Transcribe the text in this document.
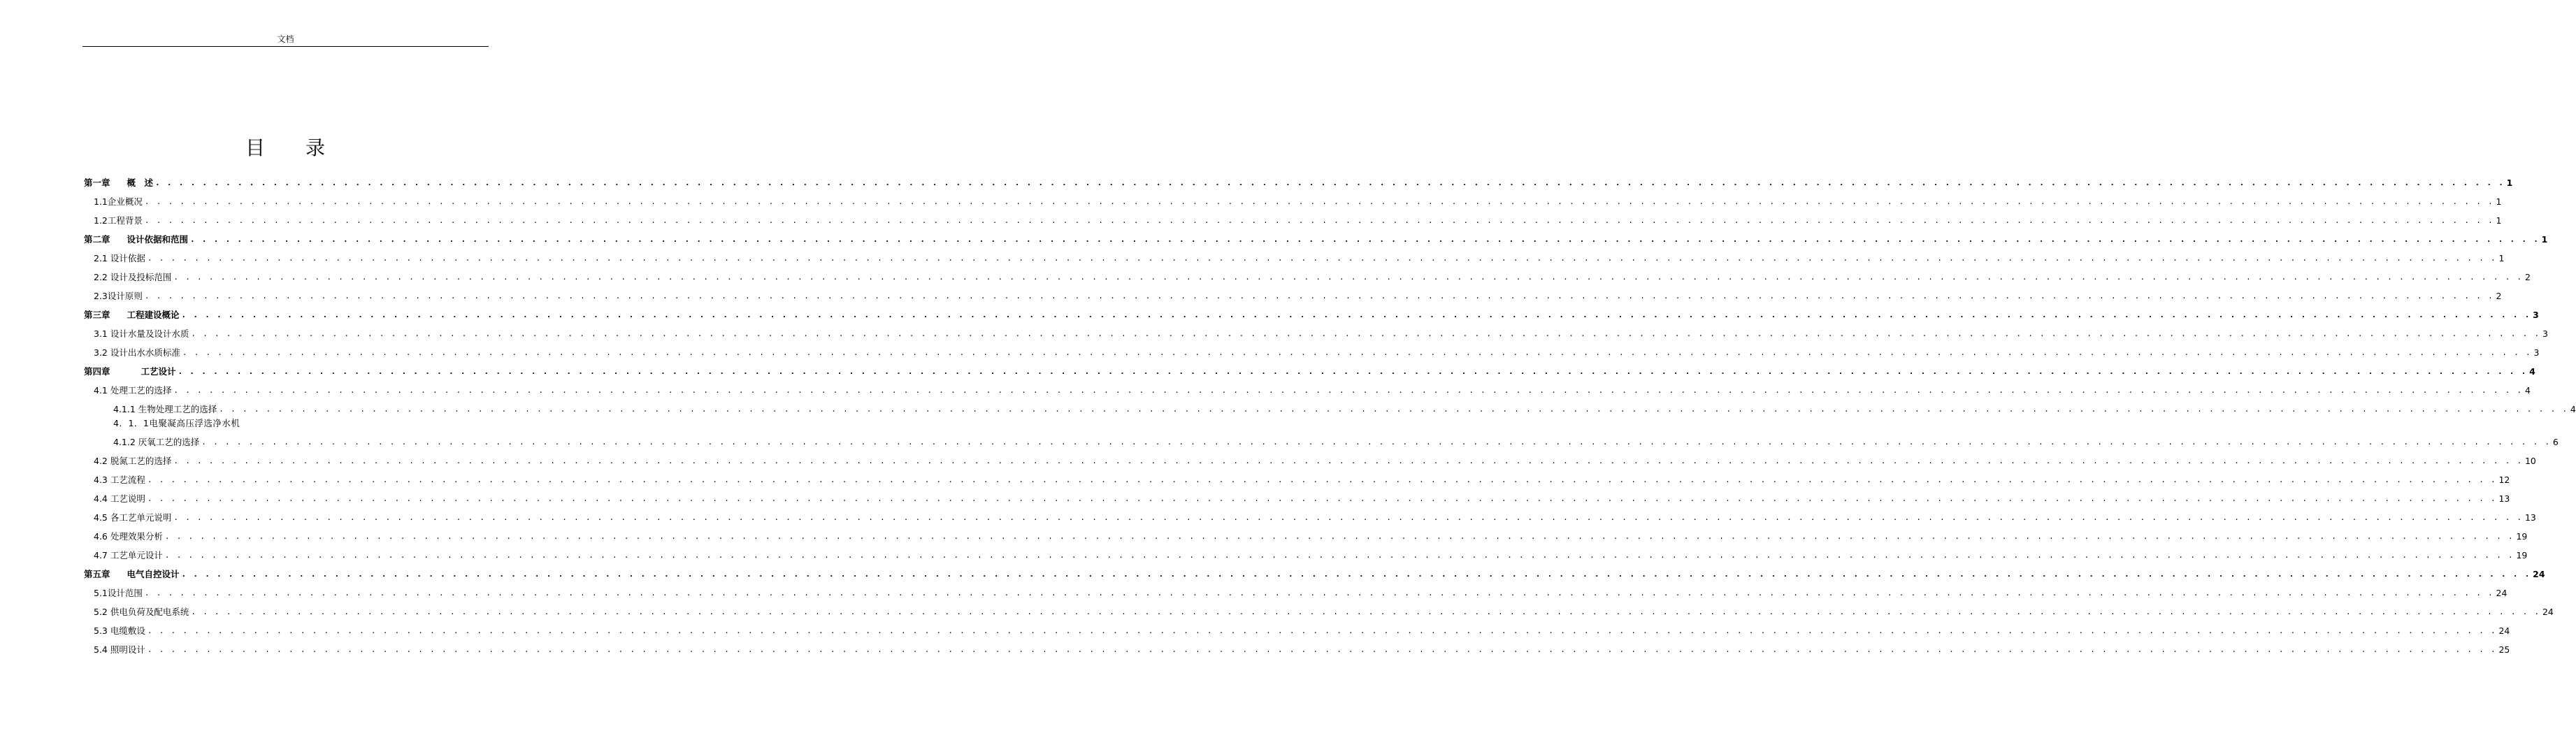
文档
目 录
第一章 概　述 . . . . . . . . . . . . . . . . . . . . . . . . . . . . . . . . . . . . . . . . . . . . . . . . . . . . . . . . . . . . . . . . . . . . . . . . . . . . . . . . . . . . . . . . . . . . . . . . . . . . . . . . . . . . . . . . . . . . . . . . . . . . . . . . . . . . . . . . . . . . . . . . . . . . . . . . . . . . . . . . . . . . . . . . . . . . . . . . . . . . . . . . . . . . . . . . . . . . . . . . 1
1.1企业概况 . . . . . . . . . . . . . . . . . . . . . . . . . . . . . . . . . . . . . . . . . . . . . . . . . . . . . . . . . . . . . . . . . . . . . . . . . . . . . . . . . . . . . . . . . . . . . . . . . . . . . . . . . . . . . . . . . . . . . . . . . . . . . . . . . . . . . . . . . . . . . . . . . . . . . . . . . . . . . . . . . . . . . . . . . . . . . . . . . . . . . . . . . . . . . . . . . . . . . . . . 1
1.2工程背景 . . . . . . . . . . . . . . . . . . . . . . . . . . . . . . . . . . . . . . . . . . . . . . . . . . . . . . . . . . . . . . . . . . . . . . . . . . . . . . . . . . . . . . . . . . . . . . . . . . . . . . . . . . . . . . . . . . . . . . . . . . . . . . . . . . . . . . . . . . . . . . . . . . . . . . . . . . . . . . . . . . . . . . . . . . . . . . . . . . . . . . . . . . . . . . . . . . . . . . . . 1
第二章 设计依据和范围 . . . . . . . . . . . . . . . . . . . . . . . . . . . . . . . . . . . . . . . . . . . . . . . . . . . . . . . . . . . . . . . . . . . . . . . . . . . . . . . . . . . . . . . . . . . . . . . . . . . . . . . . . . . . . . . . . . . . . . . . . . . . . . . . . . . . . . . . . . . . . . . . . . . . . . . . . . . . . . . . . . . . . . . . . . . . . . . . . . . . . . . . . . . . . . . . . . . . . . . . 1
2.1 设计依据 . . . . . . . . . . . . . . . . . . . . . . . . . . . . . . . . . . . . . . . . . . . . . . . . . . . . . . . . . . . . . . . . . . . . . . . . . . . . . . . . . . . . . . . . . . . . . . . . . . . . . . . . . . . . . . . . . . . . . . . . . . . . . . . . . . . . . . . . . . . . . . . . . . . . . . . . . . . . . . . . . . . . . . . . . . . . . . . . . . . . . . . . . . . . . . . . . . . . . . . . 1
2.2 设计及投标范围 . . . . . . . . . . . . . . . . . . . . . . . . . . . . . . . . . . . . . . . . . . . . . . . . . . . . . . . . . . . . . . . . . . . . . . . . . . . . . . . . . . . . . . . . . . . . . . . . . . . . . . . . . . . . . . . . . . . . . . . . . . . . . . . . . . . . . . . . . . . . . . . . . . . . . . . . . . . . . . . . . . . . . . . . . . . . . . . . . . . . . . . . . . . . . . . . . . . . . . . . 2
2.3设计原则 . . . . . . . . . . . . . . . . . . . . . . . . . . . . . . . . . . . . . . . . . . . . . . . . . . . . . . . . . . . . . . . . . . . . . . . . . . . . . . . . . . . . . . . . . . . . . . . . . . . . . . . . . . . . . . . . . . . . . . . . . . . . . . . . . . . . . . . . . . . . . . . . . . . . . . . . . . . . . . . . . . . . . . . . . . . . . . . . . . . . . . . . . . . . . . . . . . . . . . . . 2
第三章 工程建设概论 . . . . . . . . . . . . . . . . . . . . . . . . . . . . . . . . . . . . . . . . . . . . . . . . . . . . . . . . . . . . . . . . . . . . . . . . . . . . . . . . . . . . . . . . . . . . . . . . . . . . . . . . . . . . . . . . . . . . . . . . . . . . . . . . . . . . . . . . . . . . . . . . . . . . . . . . . . . . . . . . . . . . . . . . . . . . . . . . . . . . . . . . . . . . . . . . . . . . . . . . 3
3.1 设计水量及设计水质 . . . . . . . . . . . . . . . . . . . . . . . . . . . . . . . . . . . . . . . . . . . . . . . . . . . . . . . . . . . . . . . . . . . . . . . . . . . . . . . . . . . . . . . . . . . . . . . . . . . . . . . . . . . . . . . . . . . . . . . . . . . . . . . . . . . . . . . . . . . . . . . . . . . . . . . . . . . . . . . . . . . . . . . . . . . . . . . . . . . . . . . . . . . . . . . . . . . . . . . . 3
3.2 设计出水水质标准 . . . . . . . . . . . . . . . . . . . . . . . . . . . . . . . . . . . . . . . . . . . . . . . . . . . . . . . . . . . . . . . . . . . . . . . . . . . . . . . . . . . . . . . . . . . . . . . . . . . . . . . . . . . . . . . . . . . . . . . . . . . . . . . . . . . . . . . . . . . . . . . . . . . . . . . . . . . . . . . . . . . . . . . . . . . . . . . . . . . . . . . . . . . . . . . . . . . . . . . . 3
第四章	工艺设计 . . . . . . . . . . . . . . . . . . . . . . . . . . . . . . . . . . . . . . . . . . . . . . . . . . . . . . . . . . . . . . . . . . . . . . . . . . . . . . . . . . . . . . . . . . . . . . . . . . . . . . . . . . . . . . . . . . . . . . . . . . . . . . . . . . . . . . . . . . . . . . . . . . . . . . . . . . . . . . . . . . . . . . . . . . . . . . . . . . . . . . . . . . . . . . . . . . . . . . . . 4
4.1 处理工艺的选择 . . . . . . . . . . . . . . . . . . . . . . . . . . . . . . . . . . . . . . . . . . . . . . . . . . . . . . . . . . . . . . . . . . . . . . . . . . . . . . . . . . . . . . . . . . . . . . . . . . . . . . . . . . . . . . . . . . . . . . . . . . . . . . . . . . . . . . . . . . . . . . . . . . . . . . . . . . . . . . . . . . . . . . . . . . . . . . . . . . . . . . . . . . . . . . . . . . . . . . . . 4
4.1.1 生物处理工艺的选择 . . . . . . . . . . . . . . . . . . . . . . . . . . . . . . . . . . . . . . . . . . . . . . . . . . . . . . . . . . . . . . . . . . . . . . . . . . . . . . . . . . . . . . . . . . . . . . . . . . . . . . . . . . . . . . . . . . . . . . . . . . . . . . . . . . . . . . . . . . . . . . . . . . . . . . . . . . . . . . . . . . . . . . . . . . . . . . . . . . . . . . . . . . . . . . . . . . . . . . . . 4
4．1．1电聚凝高压浮选净水机
4.1.2 厌氧工艺的选择 . . . . . . . . . . . . . . . . . . . . . . . . . . . . . . . . . . . . . . . . . . . . . . . . . . . . . . . . . . . . . . . . . . . . . . . . . . . . . . . . . . . . . . . . . . . . . . . . . . . . . . . . . . . . . . . . . . . . . . . . . . . . . . . . . . . . . . . . . . . . . . . . . . . . . . . . . . . . . . . . . . . . . . . . . . . . . . . . . . . . . . . . . . . . . . . . . . . . . . . . 6
4.2 脱氮工艺的选择 . . . . . . . . . . . . . . . . . . . . . . . . . . . . . . . . . . . . . . . . . . . . . . . . . . . . . . . . . . . . . . . . . . . . . . . . . . . . . . . . . . . . . . . . . . . . . . . . . . . . . . . . . . . . . . . . . . . . . . . . . . . . . . . . . . . . . . . . . . . . . . . . . . . . . . . . . . . . . . . . . . . . . . . . . . . . . . . . . . . . . . . . . . . . . . . . . . . . . . . . 10
4.3 工艺流程 . . . . . . . . . . . . . . . . . . . . . . . . . . . . . . . . . . . . . . . . . . . . . . . . . . . . . . . . . . . . . . . . . . . . . . . . . . . . . . . . . . . . . . . . . . . . . . . . . . . . . . . . . . . . . . . . . . . . . . . . . . . . . . . . . . . . . . . . . . . . . . . . . . . . . . . . . . . . . . . . . . . . . . . . . . . . . . . . . . . . . . . . . . . . . . . . . . . . . . . . 12
4.4 工艺说明 . . . . . . . . . . . . . . . . . . . . . . . . . . . . . . . . . . . . . . . . . . . . . . . . . . . . . . . . . . . . . . . . . . . . . . . . . . . . . . . . . . . . . . . . . . . . . . . . . . . . . . . . . . . . . . . . . . . . . . . . . . . . . . . . . . . . . . . . . . . . . . . . . . . . . . . . . . . . . . . . . . . . . . . . . . . . . . . . . . . . . . . . . . . . . . . . . . . . . . . . 13
4.5 各工艺单元说明 . . . . . . . . . . . . . . . . . . . . . . . . . . . . . . . . . . . . . . . . . . . . . . . . . . . . . . . . . . . . . . . . . . . . . . . . . . . . . . . . . . . . . . . . . . . . . . . . . . . . . . . . . . . . . . . . . . . . . . . . . . . . . . . . . . . . . . . . . . . . . . . . . . . . . . . . . . . . . . . . . . . . . . . . . . . . . . . . . . . . . . . . . . . . . . . . . . . . . . . . 13
4.6 处理效果分析 . . . . . . . . . . . . . . . . . . . . . . . . . . . . . . . . . . . . . . . . . . . . . . . . . . . . . . . . . . . . . . . . . . . . . . . . . . . . . . . . . . . . . . . . . . . . . . . . . . . . . . . . . . . . . . . . . . . . . . . . . . . . . . . . . . . . . . . . . . . . . . . . . . . . . . . . . . . . . . . . . . . . . . . . . . . . . . . . . . . . . . . . . . . . . . . . . . . . . . . . 19
4.7 工艺单元设计 . . . . . . . . . . . . . . . . . . . . . . . . . . . . . . . . . . . . . . . . . . . . . . . . . . . . . . . . . . . . . . . . . . . . . . . . . . . . . . . . . . . . . . . . . . . . . . . . . . . . . . . . . . . . . . . . . . . . . . . . . . . . . . . . . . . . . . . . . . . . . . . . . . . . . . . . . . . . . . . . . . . . . . . . . . . . . . . . . . . . . . . . . . . . . . . . . . . . . . . . 19
第五章 电气自控设计 . . . . . . . . . . . . . . . . . . . . . . . . . . . . . . . . . . . . . . . . . . . . . . . . . . . . . . . . . . . . . . . . . . . . . . . . . . . . . . . . . . . . . . . . . . . . . . . . . . . . . . . . . . . . . . . . . . . . . . . . . . . . . . . . . . . . . . . . . . . . . . . . . . . . . . . . . . . . . . . . . . . . . . . . . . . . . . . . . . . . . . . . . . . . . . . . . . . . . . . . 24
5.1设计范围 . . . . . . . . . . . . . . . . . . . . . . . . . . . . . . . . . . . . . . . . . . . . . . . . . . . . . . . . . . . . . . . . . . . . . . . . . . . . . . . . . . . . . . . . . . . . . . . . . . . . . . . . . . . . . . . . . . . . . . . . . . . . . . . . . . . . . . . . . . . . . . . . . . . . . . . . . . . . . . . . . . . . . . . . . . . . . . . . . . . . . . . . . . . . . . . . . . . . . . . . 24
5.2 供电负荷及配电系统 . . . . . . . . . . . . . . . . . . . . . . . . . . . . . . . . . . . . . . . . . . . . . . . . . . . . . . . . . . . . . . . . . . . . . . . . . . . . . . . . . . . . . . . . . . . . . . . . . . . . . . . . . . . . . . . . . . . . . . . . . . . . . . . . . . . . . . . . . . . . . . . . . . . . . . . . . . . . . . . . . . . . . . . . . . . . . . . . . . . . . . . . . . . . . . . . . . . . . . . . 24
5.3 电缆敷设 . . . . . . . . . . . . . . . . . . . . . . . . . . . . . . . . . . . . . . . . . . . . . . . . . . . . . . . . . . . . . . . . . . . . . . . . . . . . . . . . . . . . . . . . . . . . . . . . . . . . . . . . . . . . . . . . . . . . . . . . . . . . . . . . . . . . . . . . . . . . . . . . . . . . . . . . . . . . . . . . . . . . . . . . . . . . . . . . . . . . . . . . . . . . . . . . . . . . . . . . 24
5.4 照明设计 . . . . . . . . . . . . . . . . . . . . . . . . . . . . . . . . . . . . . . . . . . . . . . . . . . . . . . . . . . . . . . . . . . . . . . . . . . . . . . . . . . . . . . . . . . . . . . . . . . . . . . . . . . . . . . . . . . . . . . . . . . . . . . . . . . . . . . . . . . . . . . . . . . . . . . . . . . . . . . . . . . . . . . . . . . . . . . . . . . . . . . . . . . . . . . . . . . . . . . . . 25
